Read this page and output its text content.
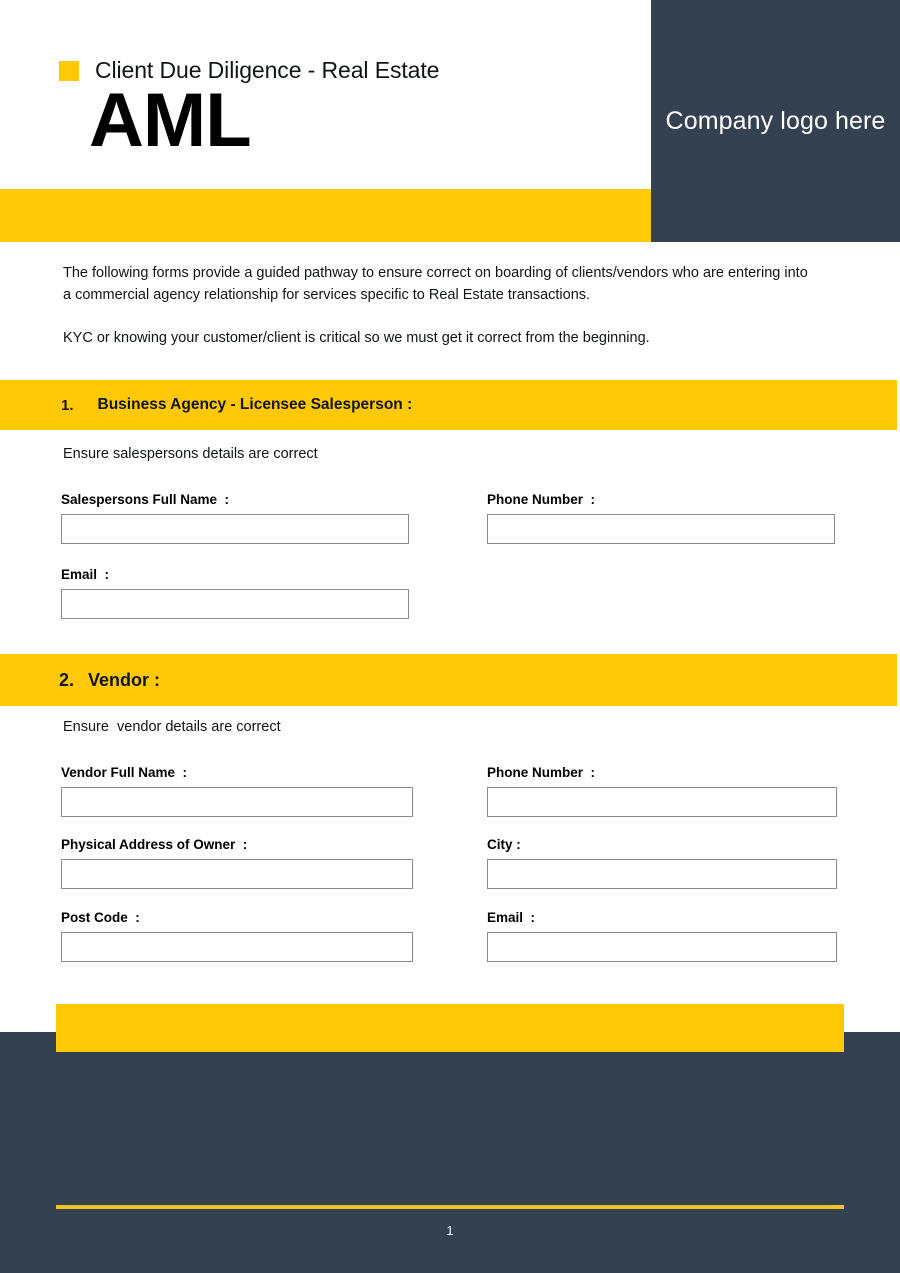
Client Due Diligence - Real Estate
AML	Company logo here

The following forms provide a guided pathway to ensure correct on boarding of clients/vendors who are entering into a commercial agency relationship for services specific to Real Estate transactions.

KYC or knowing your customer/client is critical so we must get it correct from the beginning.

1. Business Agency - Licensee Salesperson :
Ensure salespersons details are correct
Salespersons Full Name  :	Phone Number  :
Email  :
2. Vendor :
Ensure  vendor details are correct
Vendor Full Name  :	Phone Number  :
Physical Address of Owner  :	City :
Post Code  :	Email  :
1
